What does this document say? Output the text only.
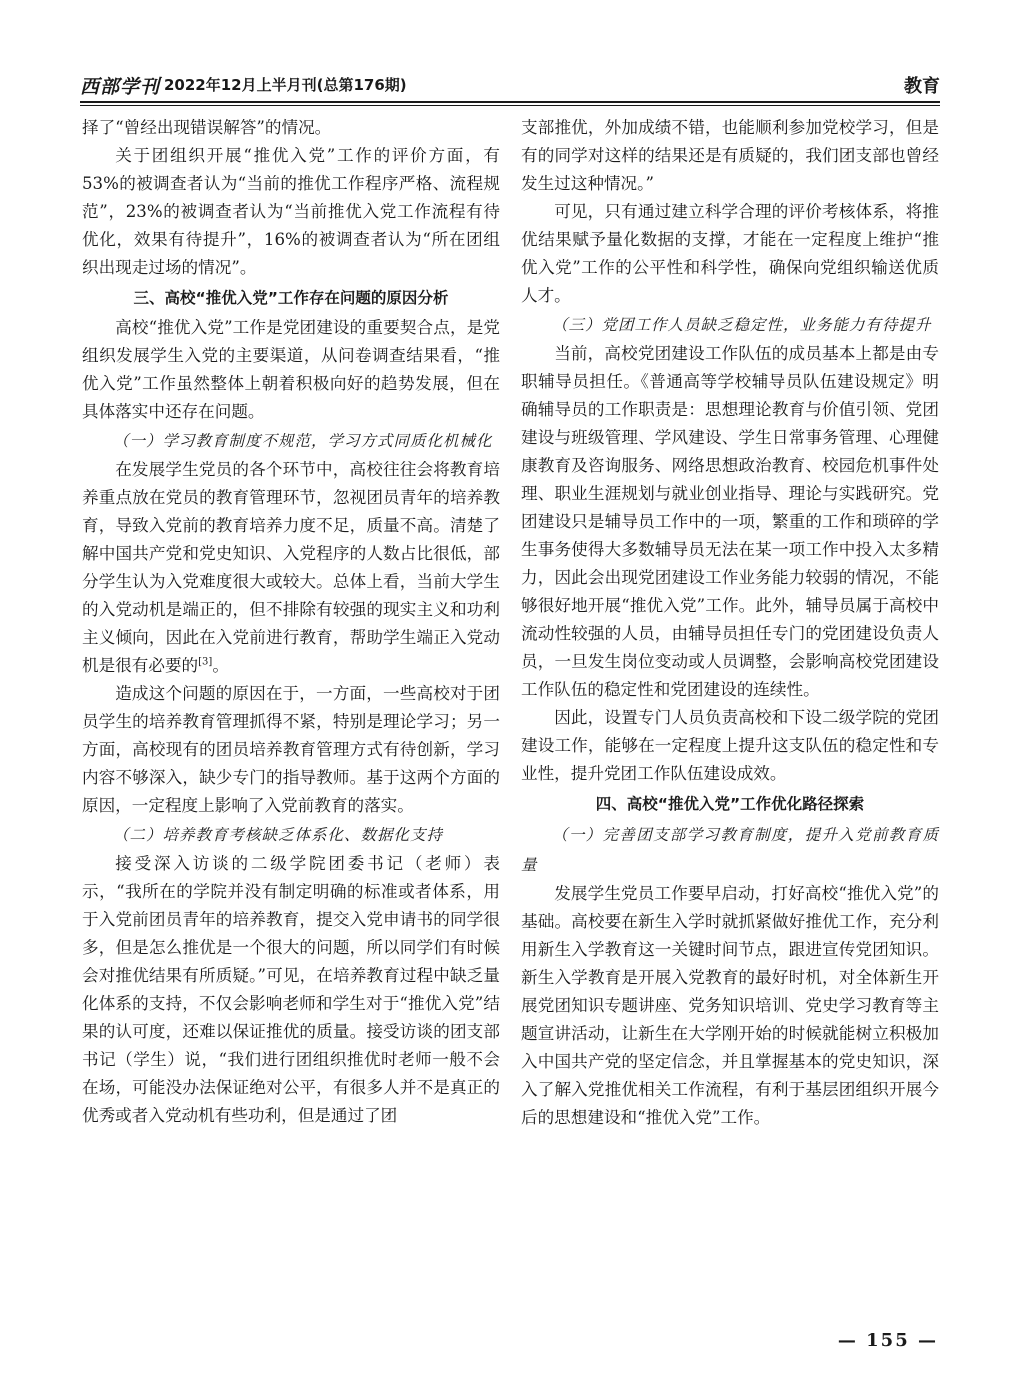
西部学刊 2022年12月上半月刊(总第176期)	教育

择了“曾经出现错误解答”的情况。

关于团组织开展“推优入党”工作的评价方面，有53%的被调查者认为“当前的推优工作程序严格、流程规范”，23%的被调查者认为“当前推优入党工作流程有待优化，效果有待提升”，16%的被调查者认为“所在团组织出现走过场的情况”。

三、高校“推优入党”工作存在问题的原因分析

高校“推优入党”工作是党团建设的重要契合点，是党组织发展学生入党的主要渠道，从问卷调查结果看，“推优入党”工作虽然整体上朝着积极向好的趋势发展，但在具体落实中还存在问题。

（一）学习教育制度不规范，学习方式同质化机械化

在发展学生党员的各个环节中，高校往往会将教育培养重点放在党员的教育管理环节，忽视团员青年的培养教育，导致入党前的教育培养力度不足，质量不高。清楚了解中国共产党和党史知识、入党程序的人数占比很低，部分学生认为入党难度很大或较大。总体上看，当前大学生的入党动机是端正的，但不排除有较强的现实主义和功利主义倾向，因此在入党前进行教育，帮助学生端正入党动机是很有必要的[3]。

造成这个问题的原因在于，一方面，一些高校对于团员学生的培养教育管理抓得不紧，特别是理论学习；另一方面，高校现有的团员培养教育管理方式有待创新，学习内容不够深入，缺少专门的指导教师。基于这两个方面的原因，一定程度上影响了入党前教育的落实。

（二）培养教育考核缺乏体系化、数据化支持

接受深入访谈的二级学院团委书记（老师）表示，“我所在的学院并没有制定明确的标准或者体系，用于入党前团员青年的培养教育，提交入党申请书的同学很多，但是怎么推优是一个很大的问题，所以同学们有时候会对推优结果有所质疑。”可见，在培养教育过程中缺乏量化体系的支持，不仅会影响老师和学生对于“推优入党”结果的认可度，还难以保证推优的质量。接受访谈的团支部书记（学生）说，“我们进行团组织推优时老师一般不会在场，可能没办法保证绝对公平，有很多人并不是真正的优秀或者入党动机有些功利，但是通过了团

支部推优，外加成绩不错，也能顺利参加党校学习，但是有的同学对这样的结果还是有质疑的，我们团支部也曾经发生过这种情况。”

可见，只有通过建立科学合理的评价考核体系，将推优结果赋予量化数据的支撑，才能在一定程度上维护“推优入党”工作的公平性和科学性，确保向党组织输送优质人才。

（三）党团工作人员缺乏稳定性，业务能力有待提升

当前，高校党团建设工作队伍的成员基本上都是由专职辅导员担任。《普通高等学校辅导员队伍建设规定》明确辅导员的工作职责是：思想理论教育与价值引领、党团建设与班级管理、学风建设、学生日常事务管理、心理健康教育及咨询服务、网络思想政治教育、校园危机事件处理、职业生涯规划与就业创业指导、理论与实践研究。党团建设只是辅导员工作中的一项，繁重的工作和琐碎的学生事务使得大多数辅导员无法在某一项工作中投入太多精力，因此会出现党团建设工作业务能力较弱的情况，不能够很好地开展“推优入党”工作。此外，辅导员属于高校中流动性较强的人员，由辅导员担任专门的党团建设负责人员，一旦发生岗位变动或人员调整，会影响高校党团建设工作队伍的稳定性和党团建设的连续性。

因此，设置专门人员负责高校和下设二级学院的党团建设工作，能够在一定程度上提升这支队伍的稳定性和专业性，提升党团工作队伍建设成效。

四、高校“推优入党”工作优化路径探索

（一）完善团支部学习教育制度，提升入党前教育质量

发展学生党员工作要早启动，打好高校“推优入党”的基础。高校要在新生入学时就抓紧做好推优工作，充分利用新生入学教育这一关键时间节点，跟进宣传党团知识。新生入学教育是开展入党教育的最好时机，对全体新生开展党团知识专题讲座、党务知识培训、党史学习教育等主题宣讲活动，让新生在大学刚开始的时候就能树立积极加入中国共产党的坚定信念，并且掌握基本的党史知识，深入了解入党推优相关工作流程，有利于基层团组织开展今后的思想建设和“推优入党”工作。

— 155 —
